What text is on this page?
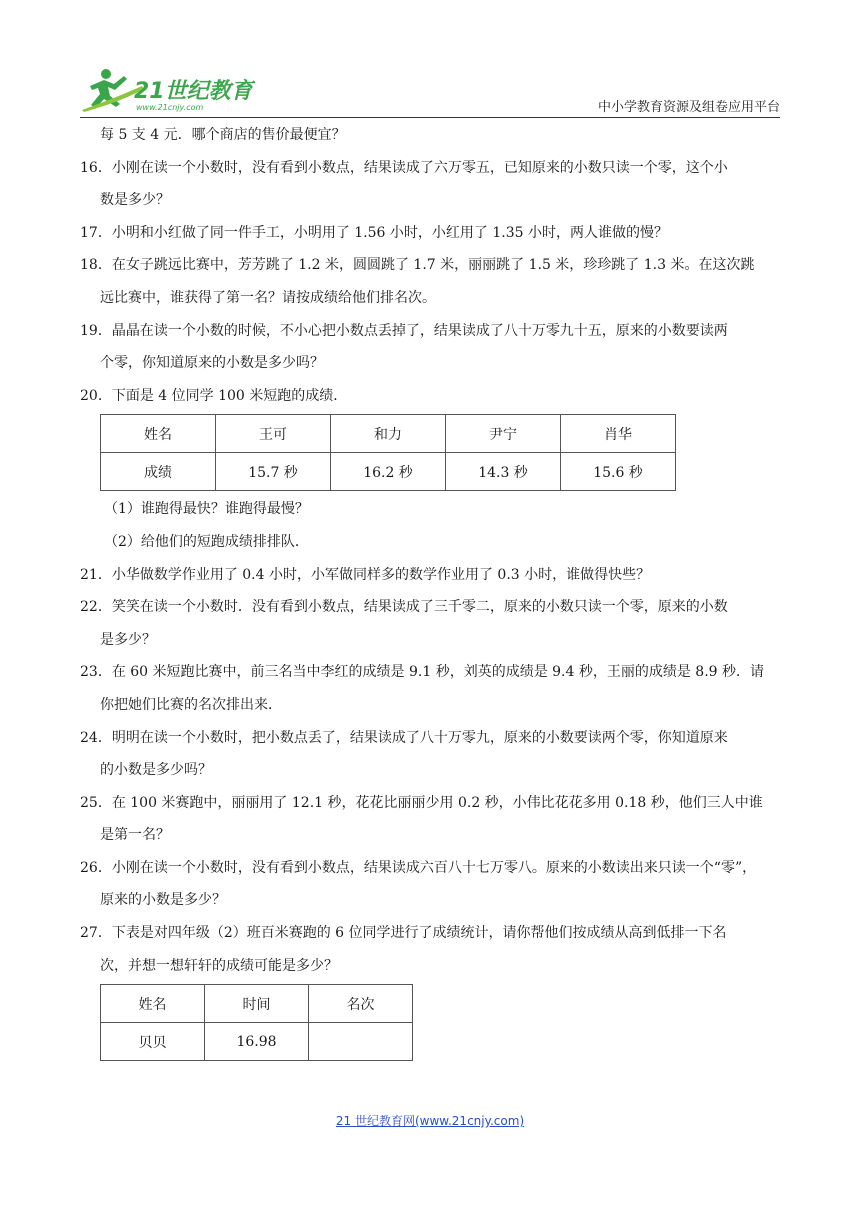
21世纪教育
www.21cnjy.com	中小学教育资源及组卷应用平台
每 5 支 4 元．哪个商店的售价最便宜？
16．小刚在读一个小数时，没有看到小数点，结果读成了六万零五，已知原来的小数只读一个零，这个小
数是多少？
17．小明和小红做了同一件手工，小明用了 1.56 小时，小红用了 1.35 小时，两人谁做的慢？
18．在女子跳远比赛中，芳芳跳了 1.2 米，圆圆跳了 1.7 米，丽丽跳了 1.5 米，珍珍跳了 1.3 米。在这次跳
远比赛中，谁获得了第一名？请按成绩给他们排名次。
19．晶晶在读一个小数的时候，不小心把小数点丢掉了，结果读成了八十万零九十五，原来的小数要读两
个零，你知道原来的小数是多少吗？
20．下面是 4 位同学 100 米短跑的成绩．
姓名	王可	和力	尹宁	肖华
成绩	15.7 秒	16.2 秒	14.3 秒	15.6 秒
（1）谁跑得最快？谁跑得最慢？
（2）给他们的短跑成绩排排队．
21．小华做数学作业用了 0.4 小时，小军做同样多的数学作业用了 0.3 小时，谁做得快些？
22．笑笑在读一个小数时．没有看到小数点，结果读成了三千零二，原来的小数只读一个零，原来的小数
是多少？
23．在 60 米短跑比赛中，前三名当中李红的成绩是 9.1 秒，刘英的成绩是 9.4 秒，王丽的成绩是 8.9 秒．请
你把她们比赛的名次排出来．
24．明明在读一个小数时，把小数点丢了，结果读成了八十万零九，原来的小数要读两个零，你知道原来
的小数是多少吗？
25．在 100 米赛跑中，丽丽用了 12.1 秒，花花比丽丽少用 0.2 秒，小伟比花花多用 0.18 秒，他们三人中谁
是第一名？
26．小刚在读一个小数时，没有看到小数点，结果读成六百八十七万零八。原来的小数读出来只读一个“零”，
原来的小数是多少？
27．下表是对四年级（2）班百米赛跑的 6 位同学进行了成绩统计，请你帮他们按成绩从高到低排一下名
次，并想一想轩轩的成绩可能是多少？
姓名	时间	名次
贝贝	16.98	
21 世纪教育网(www.21cnjy.com)
